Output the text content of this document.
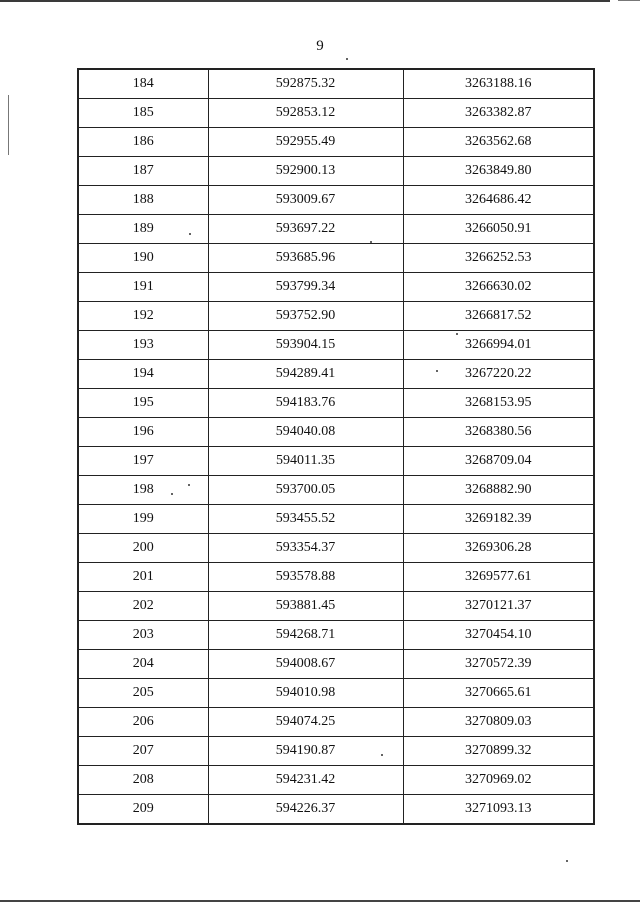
9
184	592875.32	3263188.16
185	592853.12	3263382.87
186	592955.49	3263562.68
187	592900.13	3263849.80
188	593009.67	3264686.42
189	593697.22	3266050.91
190	593685.96	3266252.53
191	593799.34	3266630.02
192	593752.90	3266817.52
193	593904.15	3266994.01
194	594289.41	3267220.22
195	594183.76	3268153.95
196	594040.08	3268380.56
197	594011.35	3268709.04
198	593700.05	3268882.90
199	593455.52	3269182.39
200	593354.37	3269306.28
201	593578.88	3269577.61
202	593881.45	3270121.37
203	594268.71	3270454.10
204	594008.67	3270572.39
205	594010.98	3270665.61
206	594074.25	3270809.03
207	594190.87	3270899.32
208	594231.42	3270969.02
209	594226.37	3271093.13
